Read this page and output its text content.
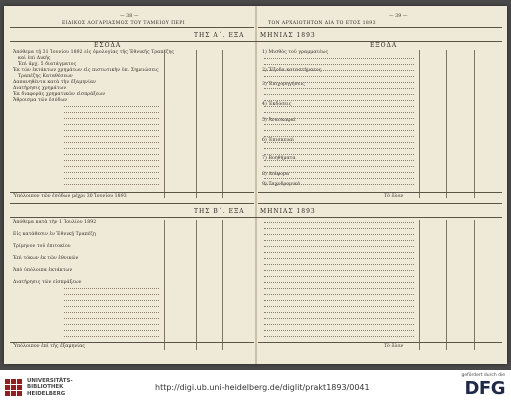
— 38 —
ΕΙΔΙΚΟΣ ΛΟΓΑΡΙΑΣΜΟΣ ΤΟΥ ΤΑΜΕΙΟΥ ΠΕΡΙ
ΤΗΣ Α΄. ΕΞΑ
— 39 —
ΤΟΝ ΑΡΧΑΙΟΤΗΤΩΝ ΔΙΑ ΤΟ ΕΤΟΣ 1893
ΜΗΝΙΑΣ 1893
ΕΣΟΔΑ
Ἀπόθεμα τῇ 31 Ἰουνίου 1892 εἰς ὁμολογίας τῆς Ἐθνικῆς Τραπέζης
καὶ ἐπὶ Δικῆς
Ἐπὶ ἀρχ. 5 διατάγματος
Ἐκ τῶν ἐκτάκτων χρημάτων εἰς πιστωτικὴν ὑπ. Σημειώσεις
Τραπέζης Καταθέσεων
Δαπανηθέντα κατὰ τὴν ἐξαμηνίαν
Διατήρησις χρημάτων
Ἐκ διαφορᾶς χρηματικῶν εἰσπράξεων
Ἄθροισμα τῶν ἐσόδων
Ὑπόλοιπον τῶν ἐσόδων μέχρι 30 Ἰουνίου 1893
ΕΞΟΔΑ
1) Μισθὸς τοῦ γραμματέως
2) Ἔξοδα καταστήματος
3) Ἐπιχορηγήσεις
4) Ἐκδόσεις
5) Ἀνασκαφαὶ
6) Ἐπισκευαὶ
7) Βοηθήματα
8) Διάφορα
9) Ταχυδρομικά
Τὸ ὅλον
ΤΗΣ Β΄. ΕΞΑ	ΜΗΝΙΑΣ 1893
Ἀπόθεμα κατὰ τὴν 1 Ἰουλίου 1892
Εἰς κατάθεσιν ἐν Ἐθνικῇ Τραπέζῃ
Τρίμηνον τοῦ ἐπιτοκίου
Ἐπὶ τόκων ἐκ τῶν ἐθνικῶν
Ἀπὸ ὑπόλοιπα ἐκτάκτων
Διατήρησις τῶν εἰσπράξεων
Ὑπόλοιπον ἐπὶ τῆς ἐξαμηνίας	Τὸ ὅλον
UNIVERSITÄTS-
BIBLIOTHEK
HEIDELBERG
http://digi.ub.uni-heidelberg.de/diglit/prakt1893/0041
gefördert durch die
DFG
